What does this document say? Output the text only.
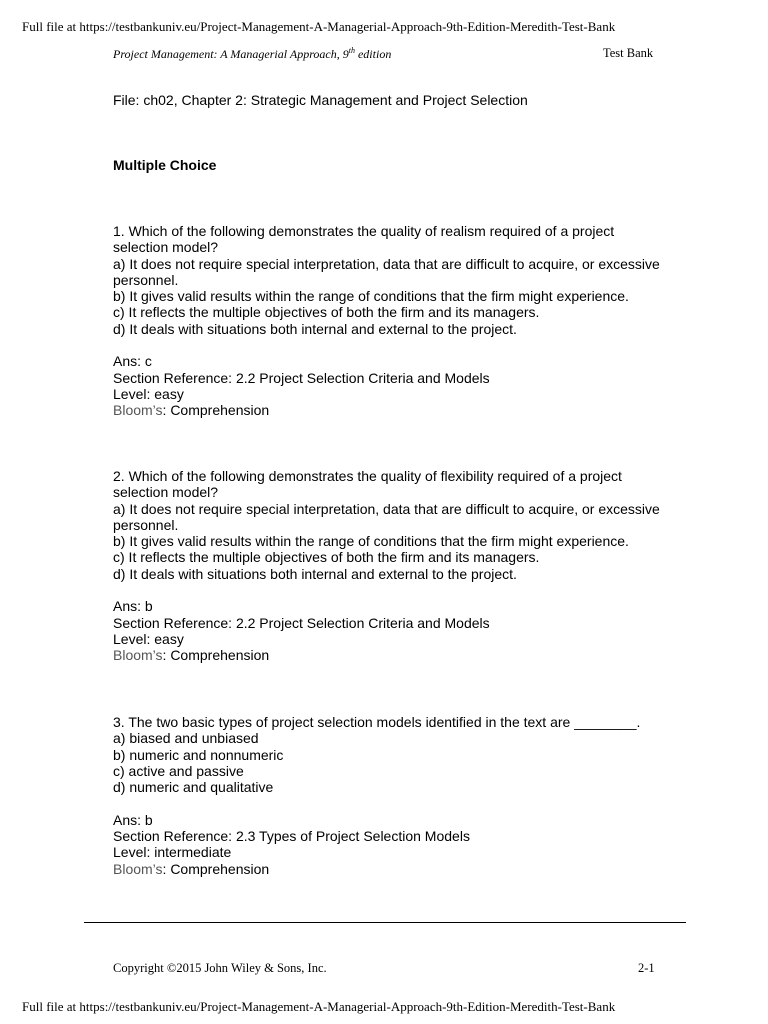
Full file at https://testbankuniv.eu/Project-Management-A-Managerial-Approach-9th-Edition-Meredith-Test-Bank
Project Management: A Managerial Approach, 9th edition	Test Bank
File: ch02, Chapter 2: Strategic Management and Project Selection
Multiple Choice
1. Which of the following demonstrates the quality of realism required of a project
selection model?
a) It does not require special interpretation, data that are difficult to acquire, or excessive
personnel.
b) It gives valid results within the range of conditions that the firm might experience.
c) It reflects the multiple objectives of both the firm and its managers.
d) It deals with situations both internal and external to the project.
Ans: c
Section Reference: 2.2 Project Selection Criteria and Models
Level: easy
Bloom’s: Comprehension
2. Which of the following demonstrates the quality of flexibility required of a project
selection model?
a) It does not require special interpretation, data that are difficult to acquire, or excessive
personnel.
b) It gives valid results within the range of conditions that the firm might experience.
c) It reflects the multiple objectives of both the firm and its managers.
d) It deals with situations both internal and external to the project.
Ans: b
Section Reference: 2.2 Project Selection Criteria and Models
Level: easy
Bloom’s: Comprehension
3. The two basic types of project selection models identified in the text are ________.
a) biased and unbiased
b) numeric and nonnumeric
c) active and passive
d) numeric and qualitative
Ans: b
Section Reference: 2.3 Types of Project Selection Models
Level: intermediate
Bloom’s: Comprehension
Copyright ©2015 John Wiley & Sons, Inc.	2-1
Full file at https://testbankuniv.eu/Project-Management-A-Managerial-Approach-9th-Edition-Meredith-Test-Bank
